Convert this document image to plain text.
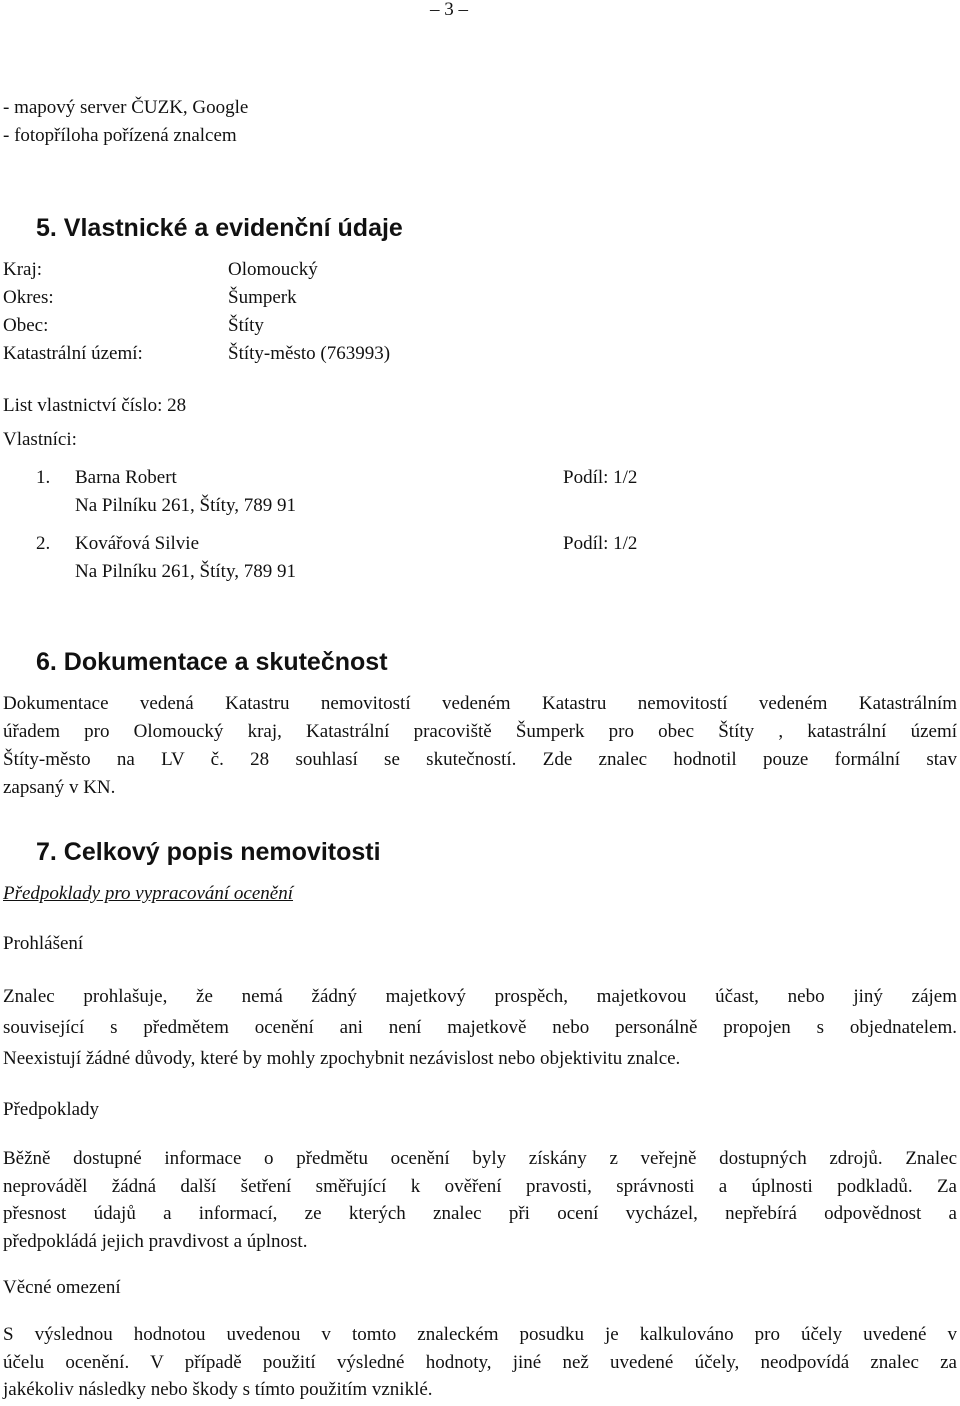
– 3 –
- mapový server ČUZK, Google
- fotopříloha pořízená znalcem
5. Vlastnické a evidenční údaje
Kraj:	Olomoucký
Okres:	Šumperk
Obec:	Štíty
Katastrální území:	Štíty-město (763993)
List vlastnictví číslo: 28
Vlastníci:
1. Barna Robert	Podíl: 1/2
Na Pilníku 261, Štíty, 789 91
2. Kovářová Silvie	Podíl: 1/2
Na Pilníku 261, Štíty, 789 91
6. Dokumentace a skutečnost
Dokumentace vedená Katastru nemovitostí vedeném Katastru nemovitostí vedeném Katastrálním
úřadem pro Olomoucký kraj, Katastrální pracoviště Šumperk pro obec Štíty , katastrální území
Štíty-město na LV č. 28 souhlasí se skutečností. Zde znalec hodnotil pouze formální stav
zapsaný v KN.
7. Celkový popis nemovitosti
Předpoklady pro vypracování ocenění
Prohlášení
Znalec prohlašuje, že nemá žádný majetkový prospěch, majetkovou účast, nebo jiný zájem
související s předmětem ocenění ani není majetkově nebo personálně propojen s objednatelem.
Neexistují žádné důvody, které by mohly zpochybnit nezávislost nebo objektivitu znalce.
Předpoklady
Běžně dostupné informace o předmětu ocenění byly získány z veřejně dostupných zdrojů. Znalec
neprováděl žádná další šetření směřující k ověření pravosti, správnosti a úplnosti podkladů. Za
přesnost údajů a informací, ze kterých znalec při ocení vycházel, nepřebírá odpovědnost a
předpokládá jejich pravdivost a úplnost.
Věcné omezení
S výslednou hodnotou uvedenou v tomto znaleckém posudku je kalkulováno pro účely uvedené v
účelu ocenění. V případě použití výsledné hodnoty, jiné než uvedené účely, neodpovídá znalec za
jakékoliv následky nebo škody s tímto použitím vzniklé.
